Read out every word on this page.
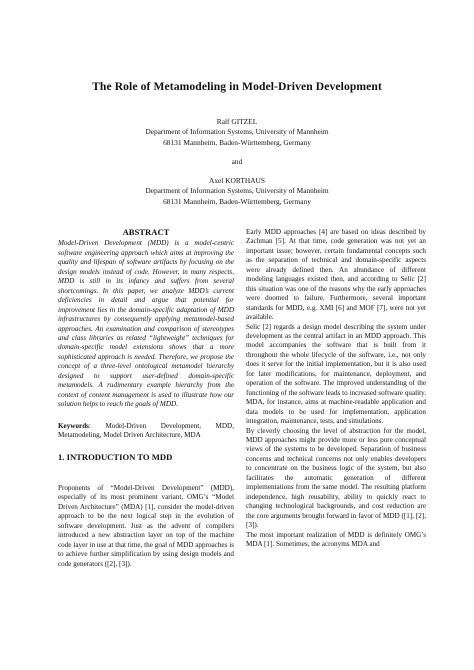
The Role of Metamodeling in Model-Driven Development
Ralf GITZEL
Department of Information Systems, University of Mannheim
68131 Mannheim, Baden-Württemberg, Germany
and
Axel KORTHAUS
Department of Information Systems, University of Mannheim
68131 Mannheim, Baden-Württemberg, Germany
ABSTRACT

Model-Driven Development (MDD) is a model-centric software engineering approach which aims at improving the quality and lifespan of software artifacts by focusing on the design models instead of code. However, in many respects, MDD is still in its infancy and suffers from several shortcomings. In this paper, we analyze MDD’s current deficiencies in detail and argue that potential for improvement lies in the domain-specific adaptation of MDD infrastructures by consequently applying metamodel-based approaches. An examination and comparison of stereotypes and class libraries as related “lightweight” techniques for domain-specific model extensions shows that a more sophisticated approach is needed. Therefore, we propose the concept of a three-level ontological metamodel hierarchy designed to support user-defined domain-specific metamodels. A rudimentary example hierarchy from the context of content management is used to illustrate how our solution helps to reach the goals of MDD.

Keywords: Model-Driven Development, MDD, Metamodeling, Model Driven Architecture, MDA

1. INTRODUCTION TO MDD

Proponents of “Model-Driven Development” (MDD), especially of its most prominent variant, OMG’s “Model Driven Architecture” (MDA) [1], consider the model-driven approach to be the next logical step in the evolution of software development. Just as the advent of compilers introduced a new abstraction layer on top of the machine code layer in use at that time, the goal of MDD approaches is to achieve further simplification by using design models and code generators ([2], [3]).

Early MDD approaches [4] are based on ideas described by Zachman [5]. At that time, code generation was not yet an important issue; however, certain fundamental concepts such as the separation of technical and domain-specific aspects were already defined then. An abundance of different modeling languages existed then, and according to Selic [2] this situation was one of the reasons why the early approaches were doomed to failure. Furthermore, several important standards for MDD, e.g. XMI [6] and MOF [7], were not yet available.

Selic [2] regards a design model describing the system under development as the central artifact in an MDD approach. This model accompanies the software that is built from it throughout the whole lifecycle of the software, i.e., not only does it serve for the initial implementation, but it is also used for later modifications, for maintenance, deployment, and operation of the software. The improved understanding of the functioning of the software leads to increased software quality. MDA, for instance, aims at machine-readable application and data models to be used for implementation, application integration, maintenance, tests, and simulations.

By cleverly choosing the level of abstraction for the model, MDD approaches might provide more or less pure conceptual views of the systems to be developed. Separation of business concerns and technical concerns not only enables developers to concentrate on the business logic of the system, but also facilitates the automatic generation of different implementations from the same model. The resulting platform independence, high reusability, ability to quickly react to changing technological backgrounds, and cost reduction are the core arguments brought forward in favor of MDD ([1], [2], [3]).

The most important realization of MDD is definitely OMG’s MDA [1]. Sometimes, the acronyms MDA and
